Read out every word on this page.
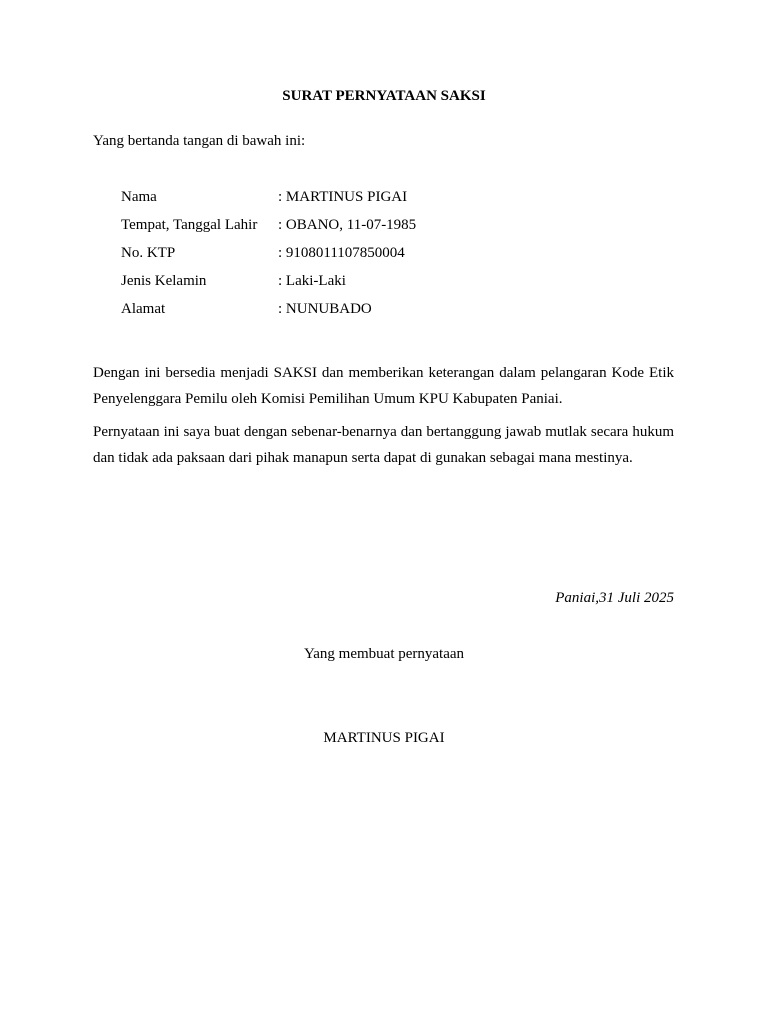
SURAT PERNYATAAN SAKSI
Yang bertanda tangan di bawah ini:
Nama	: MARTINUS PIGAI
Tempat, Tanggal Lahir	: OBANO, 11-07-1985
No. KTP	: 9108011107850004
Jenis Kelamin	: Laki-Laki
Alamat	: NUNUBADO

Dengan ini bersedia menjadi SAKSI dan memberikan keterangan dalam pelangaran Kode Etik Penyelenggara Pemilu oleh Komisi Pemilihan Umum KPU Kabupaten Paniai.

Pernyataan ini saya buat dengan sebenar-benarnya dan bertanggung jawab mutlak secara hukum dan tidak ada paksaan dari pihak manapun serta dapat di gunakan sebagai mana mestinya.

Paniai,31 Juli 2025
Yang membuat pernyataan
MARTINUS PIGAI
